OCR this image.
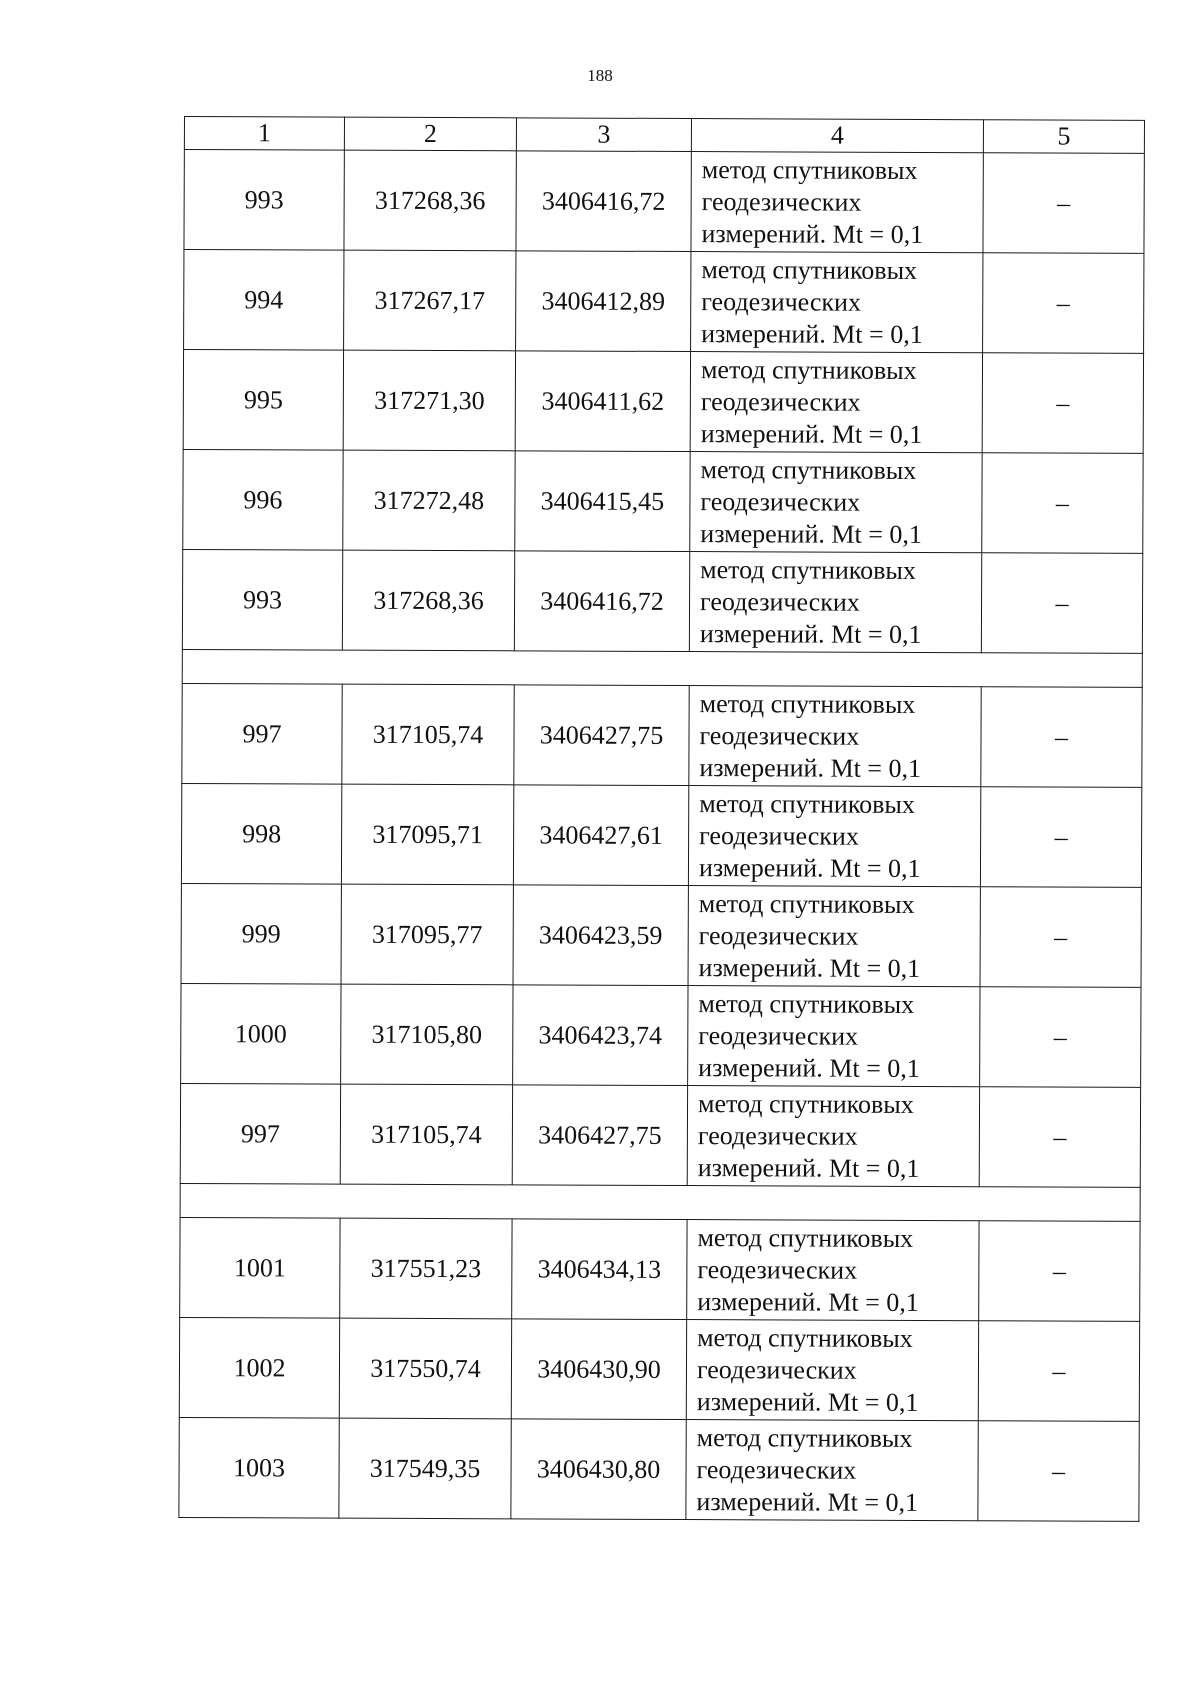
188
1	2	3	4	5
993	317268,36	3406416,72	метод спутниковых
геодезических
измерений. Mt = 0,1	–
994	317267,17	3406412,89	метод спутниковых
геодезических
измерений. Mt = 0,1	–
995	317271,30	3406411,62	метод спутниковых
геодезических
измерений. Mt = 0,1	–
996	317272,48	3406415,45	метод спутниковых
геодезических
измерений. Mt = 0,1	–
993	317268,36	3406416,72	метод спутниковых
геодезических
измерений. Mt = 0,1	–

997	317105,74	3406427,75	метод спутниковых
геодезических
измерений. Mt = 0,1	–
998	317095,71	3406427,61	метод спутниковых
геодезических
измерений. Mt = 0,1	–
999	317095,77	3406423,59	метод спутниковых
геодезических
измерений. Mt = 0,1	–
1000	317105,80	3406423,74	метод спутниковых
геодезических
измерений. Mt = 0,1	–
997	317105,74	3406427,75	метод спутниковых
геодезических
измерений. Mt = 0,1	–

1001	317551,23	3406434,13	метод спутниковых
геодезических
измерений. Mt = 0,1	–
1002	317550,74	3406430,90	метод спутниковых
геодезических
измерений. Mt = 0,1	–
1003	317549,35	3406430,80	метод спутниковых
геодезических
измерений. Mt = 0,1	–
